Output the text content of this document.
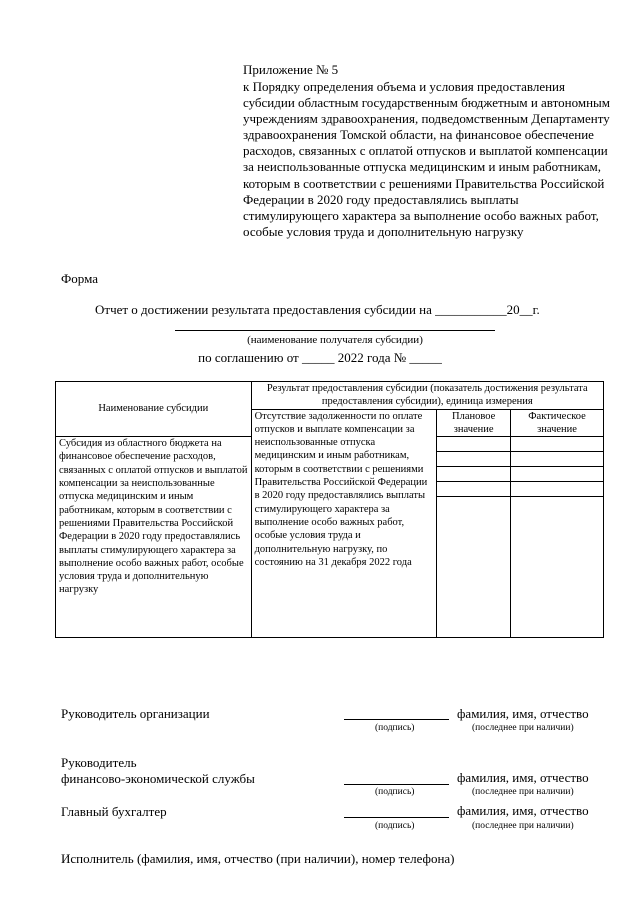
Приложение № 5
к Порядку определения объема и условия предоставления субсидии областным государственным бюджетным и автономным учреждениям здравоохранения, подведомственным Департаменту здравоохранения Томской области, на финансовое обеспечение расходов, связанных с оплатой отпусков и выплатой компенсации за неиспользованные отпуска медицинским и иным работникам, которым в соответствии с решениями Правительства Российской Федерации в 2020 году предоставлялись выплаты стимулирующего характера за выполнение особо важных работ, особые условия труда и дополнительную нагрузку
Форма
Отчет о достижении результата предоставления субсидии на ___________20__г.
(наименование получателя субсидии)
по соглашению от _____ 2022 года № _____
Наименование субсидии	Результат предоставления субсидии (показатель достижения результата предоставления субсидии), единица измерения		
	Отсутствие задолженности по оплате отпусков и выплате компенсации за неиспользованные отпуска медицинским и иным работникам, которым в соответствии с решениями Правительства Российской Федерации в 2020 году предоставлялись выплаты стимулирующего характера за выполнение особо важных работ, особые условия труда и дополнительную нагрузку, по состоянию на 31 декабря 2022 года	Плановое значение	Фактическое значение
Субсидия из областного бюджета на финансовое обеспечение расходов, связанных с оплатой отпусков и выплатой компенсации за неиспользованные отпуска медицинским и иным работникам, которым в соответствии с решениями Правительства Российской Федерации в 2020 году предоставлялись выплаты стимулирующего характера за выполнение особо важных работ, особые условия труда и дополнительную нагрузку			

Руководитель организации	фамилия, имя, отчество
(подпись)	(последнее при наличии)
Руководитель
финансово-экономической службы	фамилия, имя, отчество
(подпись)	(последнее при наличии)
Главный бухгалтер	фамилия, имя, отчество
(подпись)	(последнее при наличии)
Исполнитель (фамилия, имя, отчество (при наличии), номер телефона)
